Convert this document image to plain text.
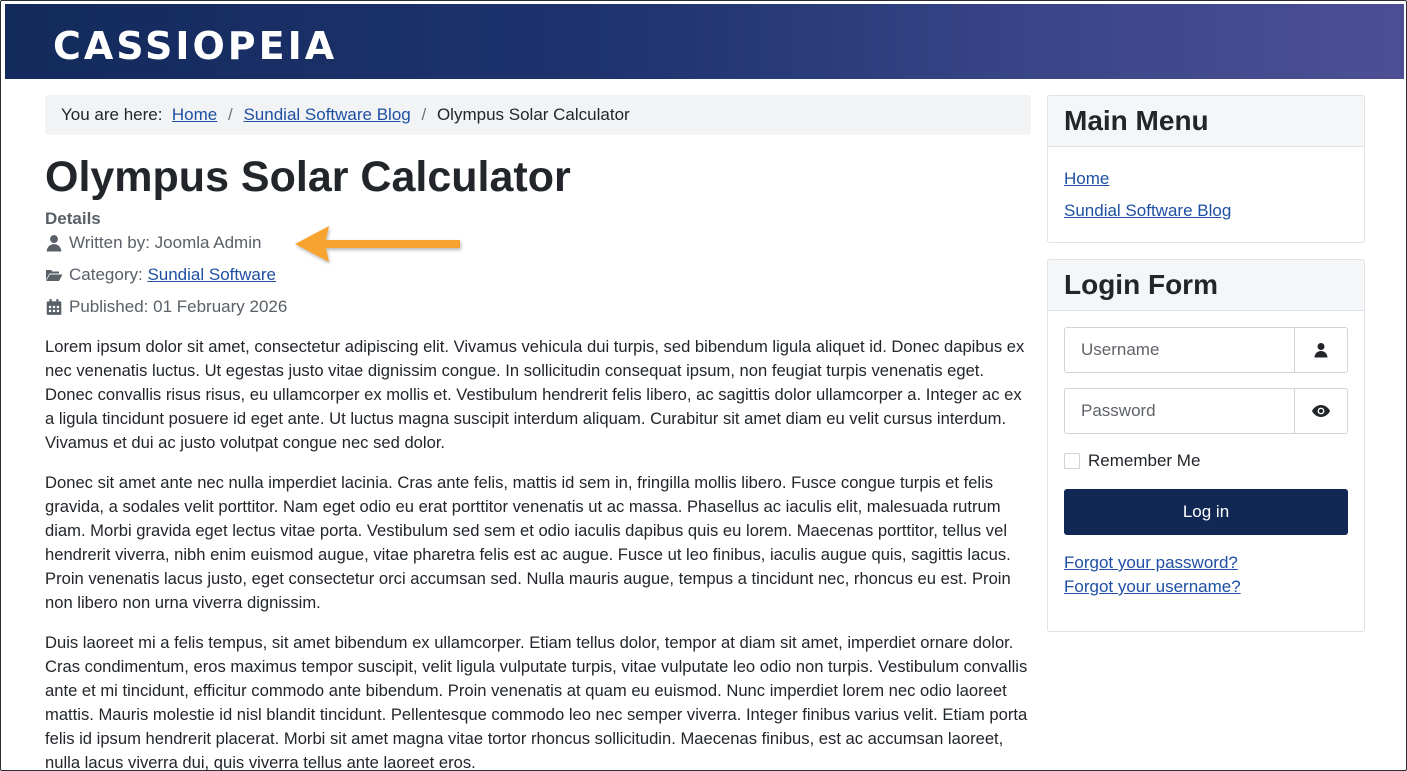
CASSIOPEIA
You are here: Home / Sundial Software Blog / Olympus Solar Calculator
Olympus Solar Calculator
Details
Written by: Joomla Admin
Category:
Sundial Software
Published: 01 February 2026

Lorem ipsum dolor sit amet, consectetur adipiscing elit. Vivamus vehicula dui turpis, sed bibendum ligula aliquet id. Donec dapibus ex nec venenatis luctus. Ut egestas justo vitae dignissim congue. In sollicitudin consequat ipsum, non feugiat turpis venenatis eget. Donec convallis risus risus, eu ullamcorper ex mollis et. Vestibulum hendrerit felis libero, ac sagittis dolor ullamcorper a. Integer ac ex a ligula tincidunt posuere id eget ante. Ut luctus magna suscipit interdum aliquam. Curabitur sit amet diam eu velit cursus interdum. Vivamus et dui ac justo volutpat congue nec sed dolor.

Donec sit amet ante nec nulla imperdiet lacinia. Cras ante felis, mattis id sem in, fringilla mollis libero. Fusce congue turpis et felis gravida, a sodales velit porttitor. Nam eget odio eu erat porttitor venenatis ut ac massa. Phasellus ac iaculis elit, malesuada rutrum diam. Morbi gravida eget lectus vitae porta. Vestibulum sed sem et odio iaculis dapibus quis eu lorem. Maecenas porttitor, tellus vel hendrerit viverra, nibh enim euismod augue, vitae pharetra felis est ac augue. Fusce ut leo finibus, iaculis augue quis, sagittis lacus. Proin venenatis lacus justo, eget consectetur orci accumsan sed. Nulla mauris augue, tempus a tincidunt nec, rhoncus eu est. Proin non libero non urna viverra dignissim.

Duis laoreet mi a felis tempus, sit amet bibendum ex ullamcorper. Etiam tellus dolor, tempor at diam sit amet, imperdiet ornare dolor. Cras condimentum, eros maximus tempor suscipit, velit ligula vulputate turpis, vitae vulputate leo odio non turpis. Vestibulum convallis ante et mi tincidunt, efficitur commodo ante bibendum. Proin venenatis at quam eu euismod. Nunc imperdiet lorem nec odio laoreet mattis. Mauris molestie id nisl blandit tincidunt. Pellentesque commodo leo nec semper viverra. Integer finibus varius velit. Etiam porta felis id ipsum hendrerit placerat. Morbi sit amet magna vitae tortor rhoncus sollicitudin. Maecenas finibus, est ac accumsan laoreet, nulla lacus viverra dui, quis viverra tellus ante laoreet eros.

Main Menu
Home
Sundial Software Blog
Login Form
Username
Remember Me
Log in
Forgot your password?
Forgot your username?
